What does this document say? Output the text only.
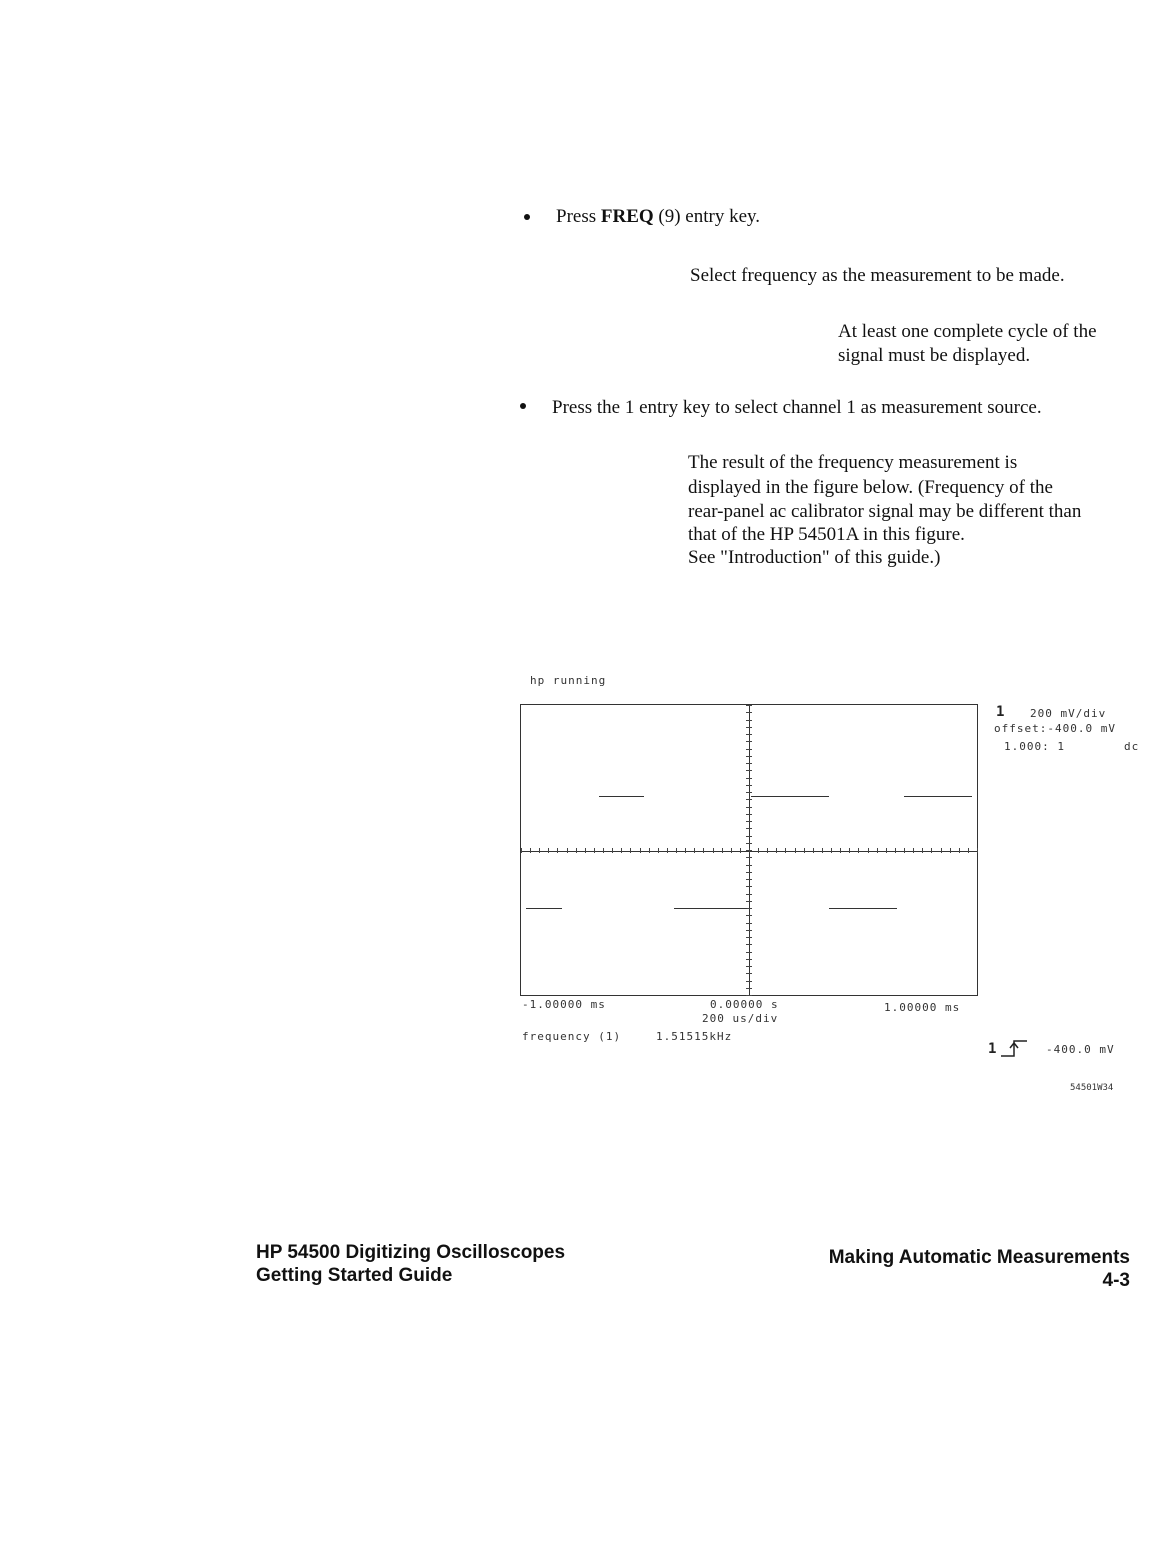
Press FREQ (9) entry key.
Select frequency as the measurement to be made.
At least one complete cycle of the
signal must be displayed.
Press the 1 entry key to select channel 1 as measurement source.
The result of the frequency measurement is
displayed in the figure below. (Frequency of the
rear-panel ac calibrator signal may be different than
that of the HP 54501A in this figure.
See "Introduction" of this guide.)
hp running
1 200 mV/div
offset:-400.0 mV
1.000: 1	dc
-1.00000 ms	0.00000 s	1.00000 ms
200 us/div
frequency (1)	1.51515kHz
1	-400.0 mV
54501W34
HP 54500 Digitizing Oscilloscopes
Getting Started Guide
Making Automatic Measurements
4-3
